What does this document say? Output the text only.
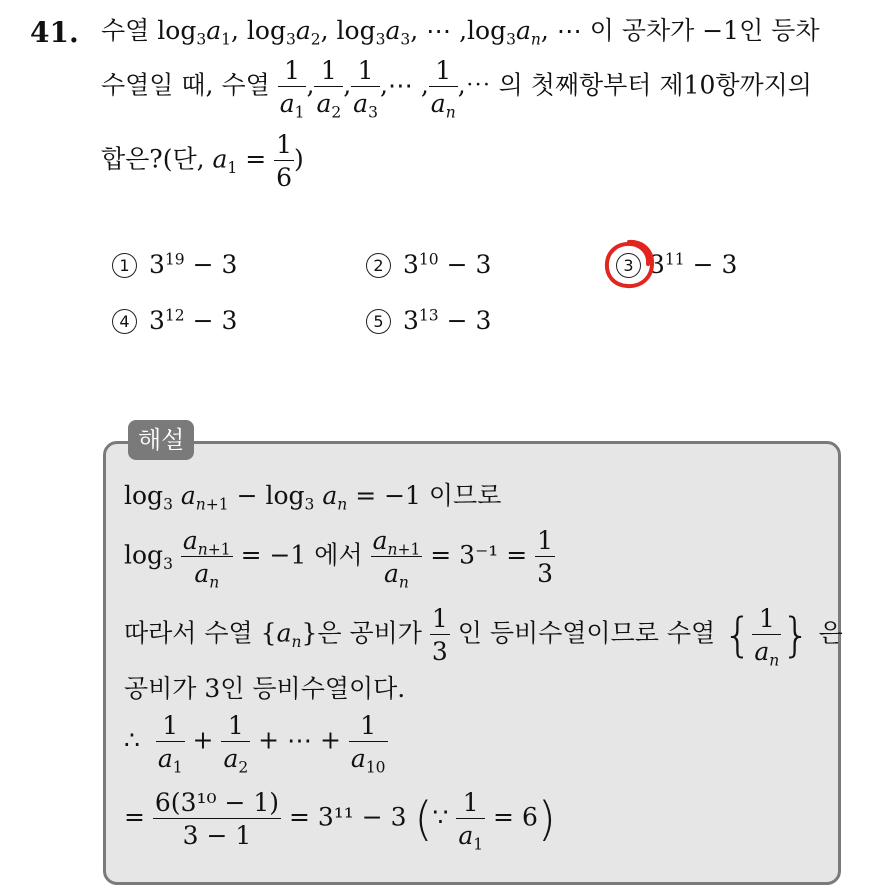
41. 수열 $\log_3a_1$, $\log_3a_2$, $\log_3a_3$, ⋯ $,\log_3a_n$, ⋯ 이 공차가 −1인 등차
수열일 때, 수열 $\frac{1}{a_1}$ , $\frac{1}{a_2}$ , $\frac{1}{a_3}$ ,⋯ , $\frac{1}{a_n}$ ,⋯ 의 첫째항부터 제10항까지의
합은?(단, $a_1 = \frac{1}{6}$ )
1 $3^{19} - 3$	2 $3^{10} - 3$	3 $3^{11} - 3$
4 $3^{12} - 3$	5 $3^{13} - 3$
해설
$\log_3 a_{n+1} - \log_3 a_n = -1$ 이므로
$\log_3 \frac{a_{n+1}}{a_n} = -1$ 에서 $\frac{a_{n+1}}{a_n} = 3^{-1} = \frac{1}{3}$
따라서 수열 $\{a_n\}$은 공비가 $\frac{1}{3}$ 인 등비수열이므로 수열 { $\frac{1}{a_n}$ } 은
공비가 3인 등비수열이다.
∴ $\frac{1}{a_1} + \frac{1}{a_2}$ + ⋯ + $\frac{1}{a_{10}}$
= $\frac{\text{6(3¹⁰ − 1)}}{3 - 1} = 3^{11} - 3$ (∵ $\frac{1}{a_1} = 6$)
